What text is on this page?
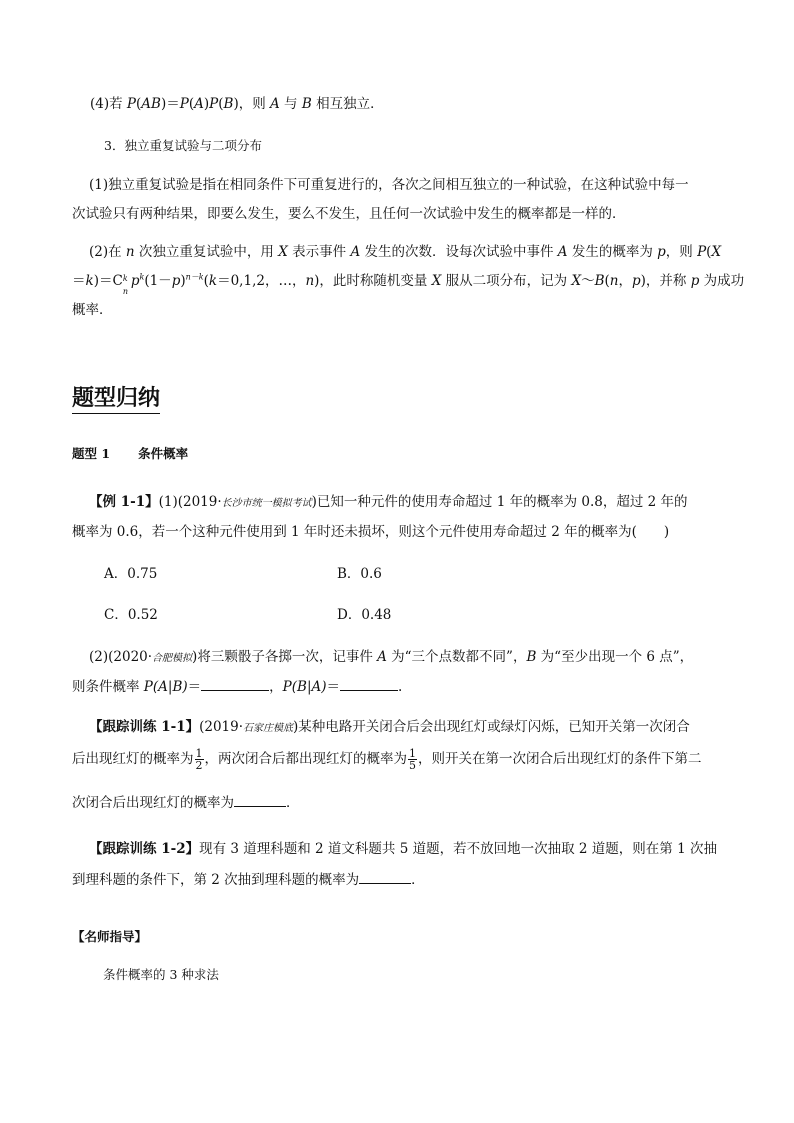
(4)若 P(AB)＝P(A)P(B)，则 A 与 B 相互独立．
3．独立重复试验与二项分布
(1)独立重复试验是指在相同条件下可重复进行的，各次之间相互独立的一种试验，在这种试验中每一
次试验只有两种结果，即要么发生，要么不发生，且任何一次试验中发生的概率都是一样的．
(2)在 n 次独立重复试验中，用 X 表示事件 A 发生的次数．设每次试验中事件 A 发生的概率为 p，则 P(X
＝k)＝C k
n
$p^k(1-p)^{n-k}(k=0,1,2$，…，n)，此时称随机变量 X 服从二项分布，记为 X～B(n，p)，并称 p 为成功
概率．
题型归纳
题型 1 条件概率
【例 1-1】(1)(2019·长沙市统一模拟考试)已知一种元件的使用寿命超过 1 年的概率为 0.8，超过 2 年的
概率为 0.6，若一个这种元件使用到 1 年时还未损坏，则这个元件使用寿命超过 2 年的概率为(　　)
A．0.75	B．0.6
C．0.52	D．0.48
(2)(2020·合肥模拟)将三颗骰子各掷一次，记事件 A 为“三个点数都不同”，B 为“至少出现一个 6 点”，
则条件概率 P(A|B)＝	，P(B|A)＝	.
【跟踪训练 1-1】(2019·石家庄模底)某种电路开关闭合后会出现红灯或绿灯闪烁，已知开关第一次闭合
后出现红灯的概率为 $\frac{1}{2}$ ，两次闭合后都出现红灯的概率为 $\frac{1}{5}$ ，则开关在第一次闭合后出现红灯的条件下第二
次闭合后出现红灯的概率为	．
【跟踪训练 1-2】现有 3 道理科题和 2 道文科题共 5 道题，若不放回地一次抽取 2 道题，则在第 1 次抽
到理科题的条件下，第 2 次抽到理科题的概率为	．
【名师指导】
条件概率的 3 种求法
